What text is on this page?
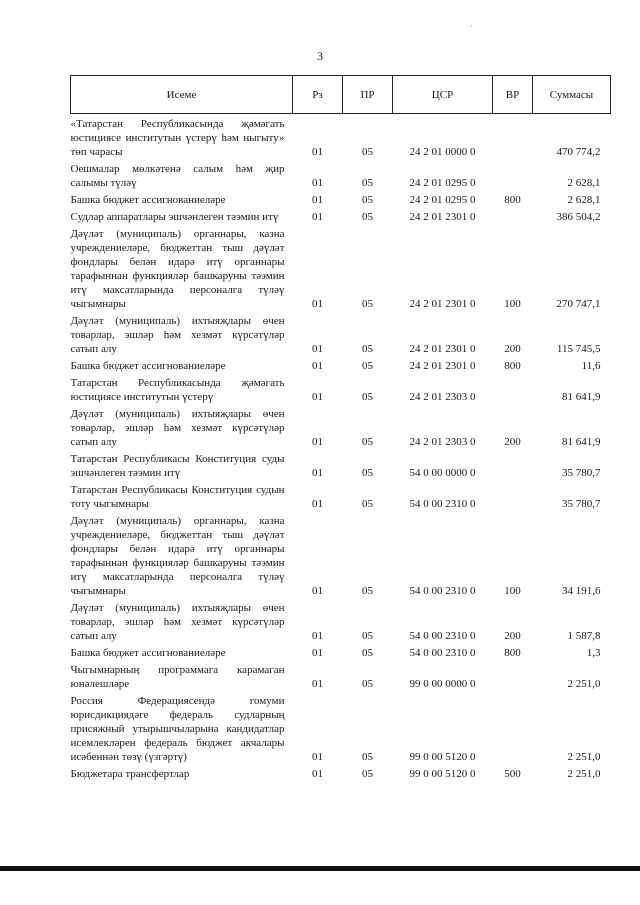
·
3
Исеме	Рз	ПР	ЦСР	ВР	Суммасы
«Татарстан Республикасында җәмәгать юстициясе институтын үстерү һәм ныгыту» төп чарасы	01	05	24 2 01 0000 0		470 774,2
Оешмалар мөлкәтенә салым һәм җир салымы түләү	01	05	24 2 01 0295 0		2 628,1
Башка бюджет ассигнованиеләре	01	05	24 2 01 0295 0	800	2 628,1
Судлар аппаратлары эшчәнлеген тәэмин итү	01	05	24 2 01 2301 0		386 504,2
Дәүләт (муниципаль) органнары, казна учреждениеләре, бюджеттан тыш дәүләт фондлары белән идарә итү органнары тарафыннан функцияләр башкаруны тәэмин итү максатларында персоналга түләү чыгымнары	01	05	24 2 01 2301 0	100	270 747,1
Дәүләт (муниципаль) ихтыяҗлары өчен товарлар, эшләр һәм хезмәт күрсәтүләр сатып алу	01	05	24 2 01 2301 0	200	115 745,5
Башка бюджет ассигнованиеләре	01	05	24 2 01 2301 0	800	11,6
Татарстан Республикасында җәмәгать юстициясе институтын үстерү	01	05	24 2 01 2303 0		81 641,9
Дәүләт (муниципаль) ихтыяҗлары өчен товарлар, эшләр һәм хезмәт күрсәтүләр сатып алу	01	05	24 2 01 2303 0	200	81 641,9
Татарстан Республикасы Конституция суды эшчәнлеген тәэмин итү	01	05	54 0 00 0000 0		35 780,7
Татарстан Республикасы Конституция судын тоту чыгымнары	01	05	54 0 00 2310 0		35 780,7
Дәүләт (муниципаль) органнары, казна учреждениеләре, бюджеттан тыш дәүләт фондлары белән идарә итү органнары тарафыннан функцияләр башкаруны тәэмин итү максатларында персоналга түләү чыгымнары	01	05	54 0 00 2310 0	100	34 191,6
Дәүләт (муниципаль) ихтыяҗлары өчен товарлар, эшләр һәм хезмәт күрсәтүләр сатып алу	01	05	54 0 00 2310 0	200	1 587,8
Башка бюджет ассигнованиеләре	01	05	54 0 00 2310 0	800	1,3
Чыгымнарның программага карамаган юнәлешләре	01	05	99 0 00 0000 0		2 251,0
Россия Федерациясендә гомуми юрисдикциядәге федераль судларның присяжный утырышчыларына кандидатлар исемлекләрен федераль бюджет акчалары исәбеннән төзү (үзгәртү)	01	05	99 0 00 5120 0		2 251,0
Бюджетара трансфертлар	01	05	99 0 00 5120 0	500	2 251,0
